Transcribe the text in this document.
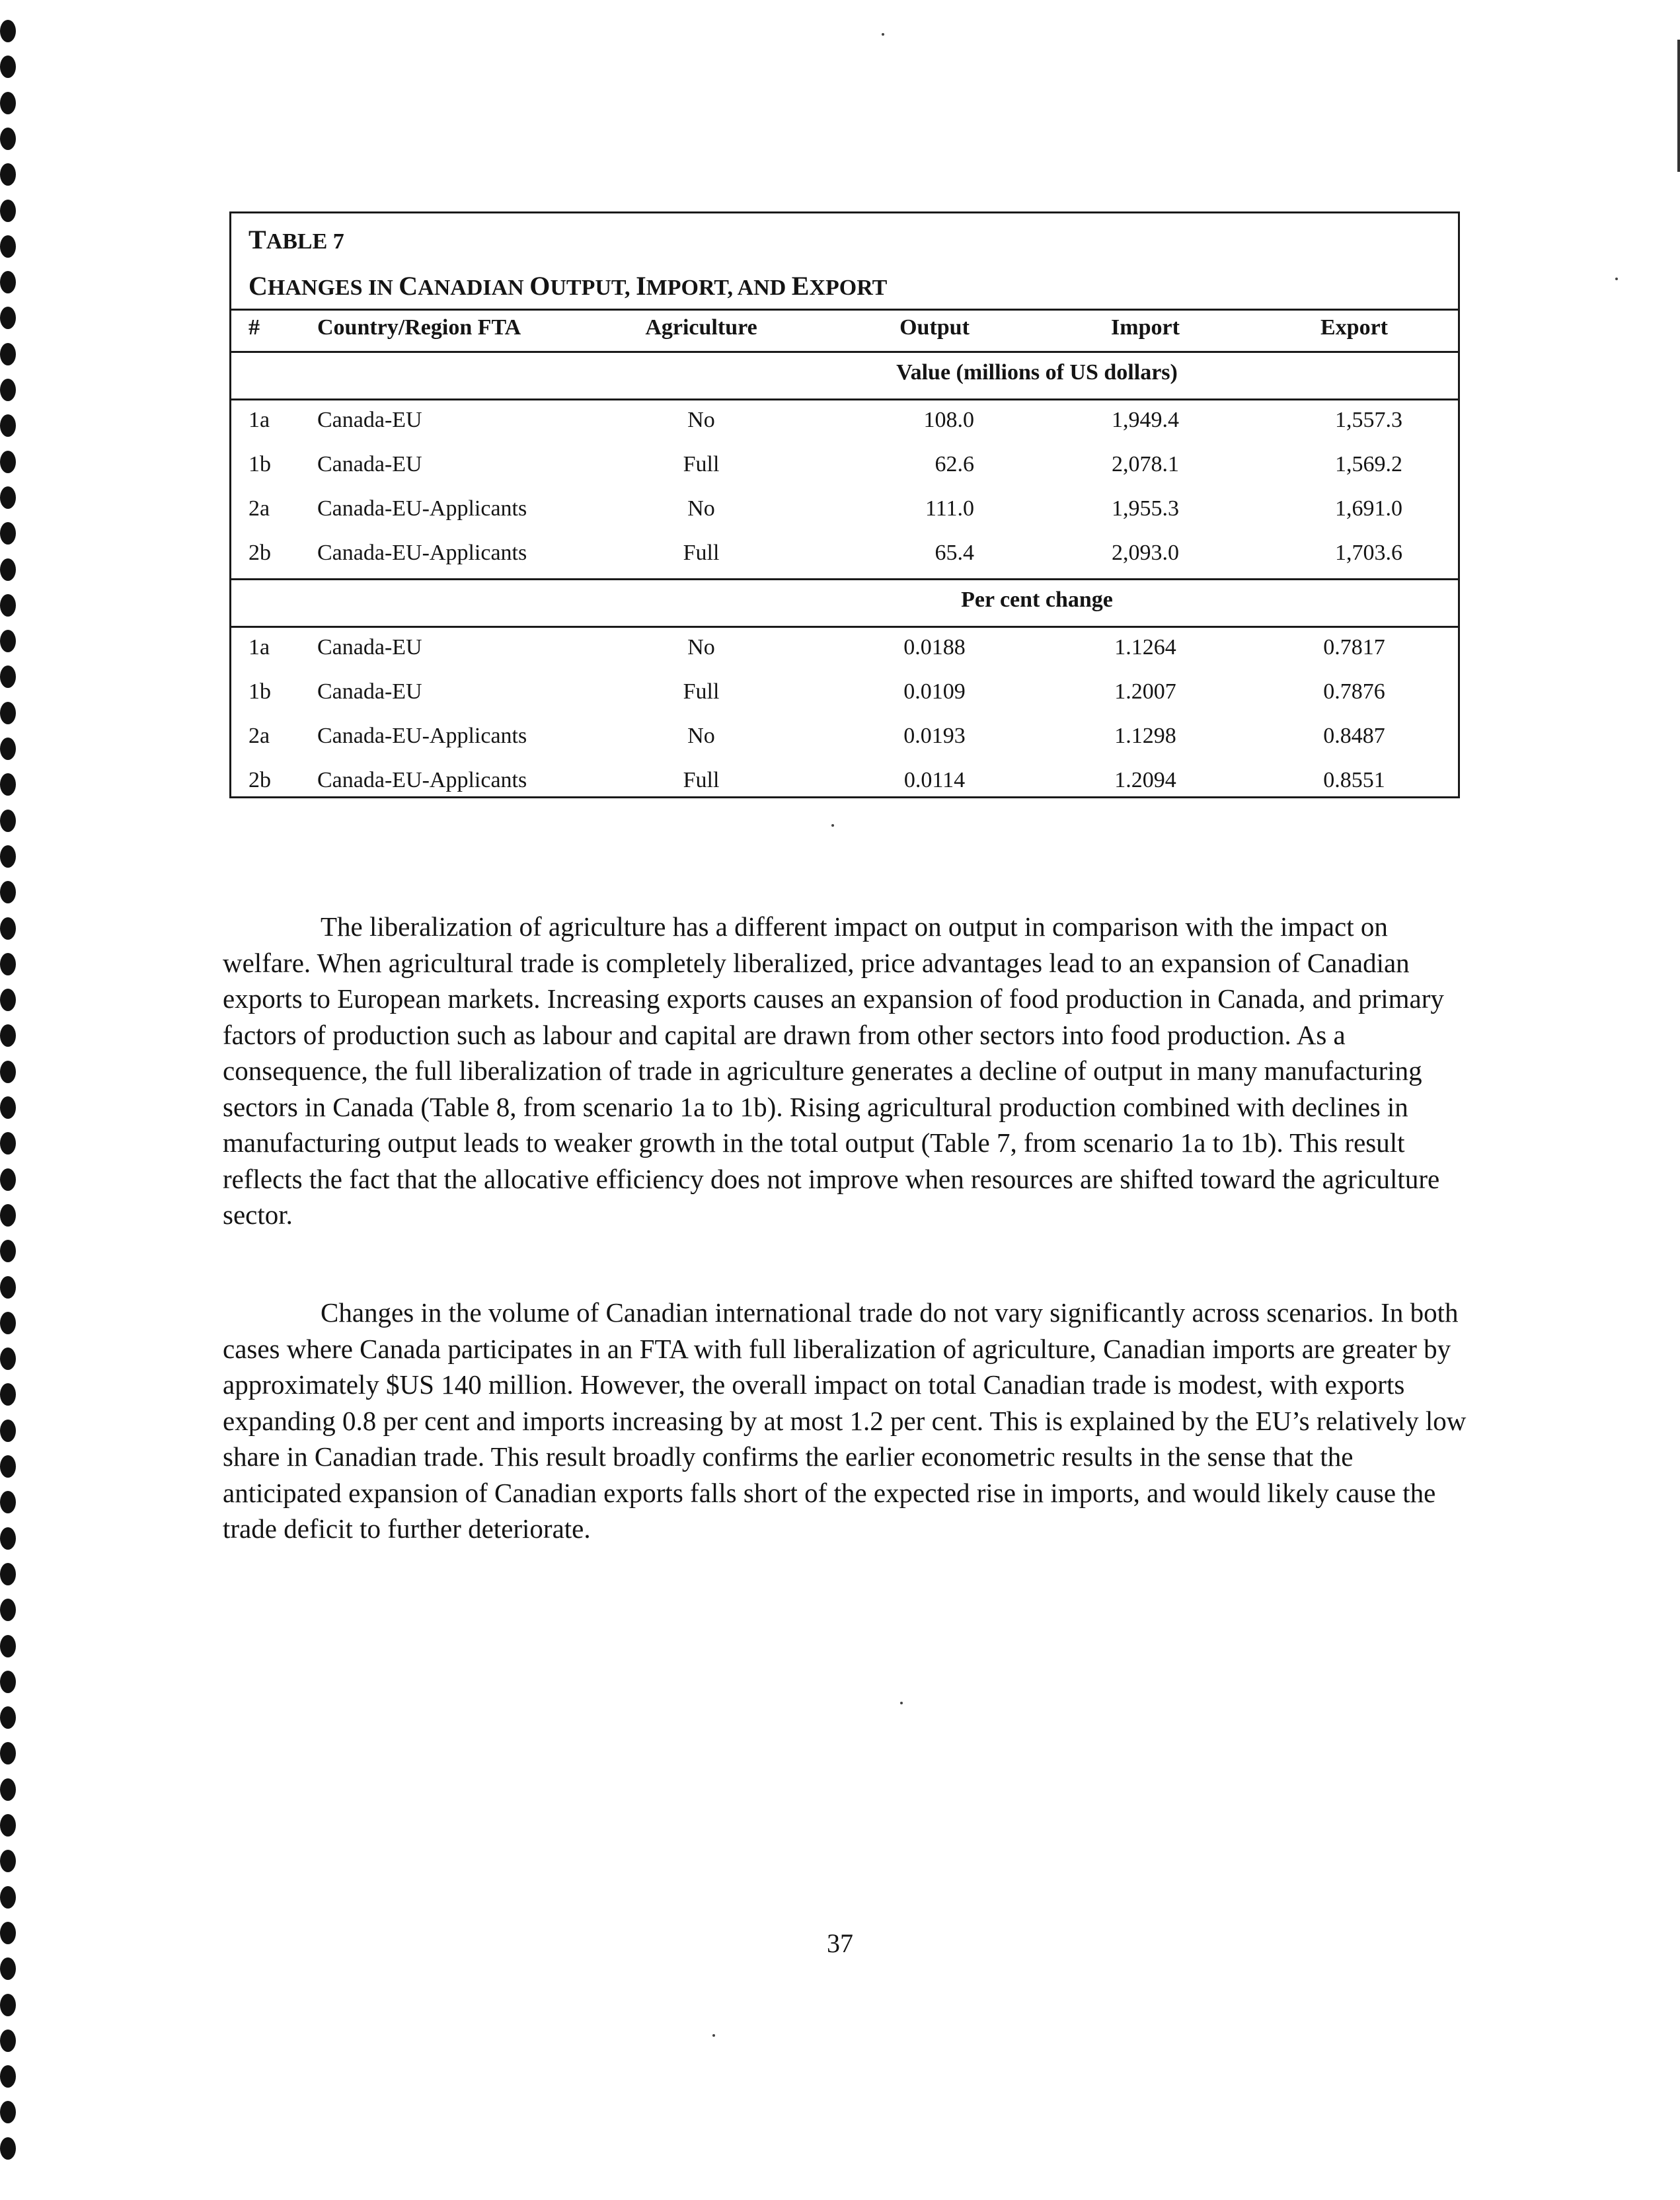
TABLE 7
CHANGES IN CANADIAN OUTPUT, IMPORT, AND EXPORT
#	Country/Region FTA	Agriculture	Output	Import	Export
Value (millions of US dollars)
1a Canada-EU	No	108.0	1,949.4	1,557.3
1b Canada-EU	Full	62.6	2,078.1	1,569.2
2a Canada-EU-Applicants	No	111.0	1,955.3	1,691.0
2b Canada-EU-Applicants	Full	65.4	2,093.0	1,703.6
Per cent change
1a Canada-EU	No	0.0188	1.1264	0.7817
1b Canada-EU	Full	0.0109	1.2007	0.7876
2a Canada-EU-Applicants	No	0.0193	1.1298	0.8487
2b Canada-EU-Applicants	Full	0.0114	1.2094	0.8551

The liberalization of agriculture has a different impact on output in comparison with the impact on welfare. When agricultural trade is completely liberalized, price advantages lead to an expansion of Canadian exports to European markets. Increasing exports causes an expansion of food production in Canada, and primary factors of production such as labour and capital are drawn from other sectors into food production. As a consequence, the full liberalization of trade in agriculture generates a decline of output in many manufacturing sectors in Canada (Table 8, from scenario 1a to 1b). Rising agricultural production combined with declines in manufacturing output leads to weaker growth in the total output (Table 7, from scenario 1a to 1b). This result reflects the fact that the allocative efficiency does not improve when resources are shifted toward the agriculture sector.

Changes in the volume of Canadian international trade do not vary significantly across scenarios. In both cases where Canada participates in an FTA with full liberalization of agriculture, Canadian imports are greater by approximately $US 140 million. However, the overall impact on total Canadian trade is modest, with exports expanding 0.8 per cent and imports increasing by at most 1.2 per cent. This is explained by the EU’s relatively low share in Canadian trade. This result broadly confirms the earlier econometric results in the sense that the anticipated expansion of Canadian exports falls short of the expected rise in imports, and would likely cause the trade deficit to further deteriorate.

37
